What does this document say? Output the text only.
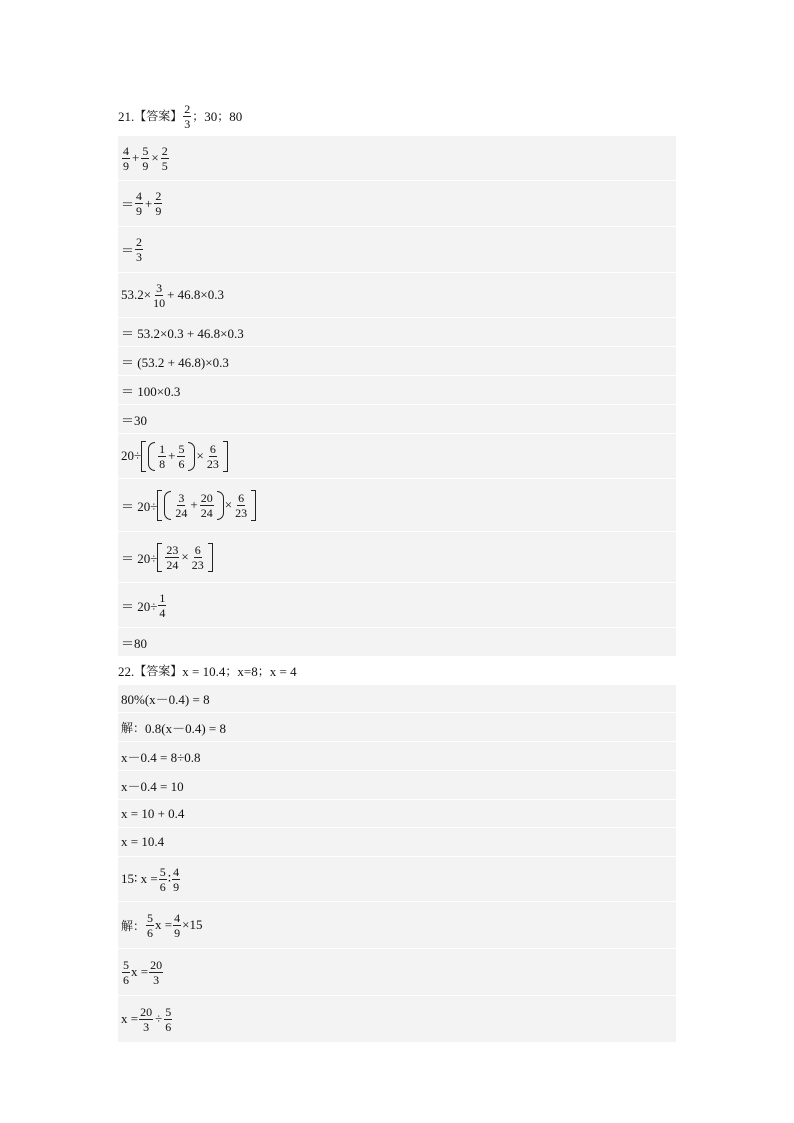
21. 【答案】 $\frac{2}{3}$ ； 30 ； 80
$\frac{4}{9} + \frac{5}{9} \times \frac{2}{5}$
＝ $\frac{4}{9} + \frac{2}{9}$
＝ $\frac{2}{3}$
$53.2\times \frac{3}{10} + 46.8\times 0.3$
＝ 53.2×0.3 + 46.8×0.3
＝ (53.2 + 46.8)×0.3
＝ 100×0.3
＝30
$20\div \frac{1}{8} + \frac{5}{6} \times \frac{6}{23}$
＝ $20\div \frac{3}{24} + \frac{20}{24} \times \frac{6}{23}$
＝ $20\div \frac{23}{24} \times \frac{6}{23}$
＝ $20\div \frac{1}{4}$
＝80
22. 【答案】 x = 10.4 ； x=8 ； x = 4
80%(x－0.4) = 8
解： 0.8(x－0.4) = 8
x－0.4 = 8÷0.8
x－0.4 = 10
x = 10 + 0.4
x = 10.4
15∶ $x = \frac{5}{6}$ ∶ $\frac{4}{9}$
解： $\frac{5}{6}$ $x = \frac{4}{9} \times 15$
$\frac{5}{6}$ $x = \frac{20}{3}$
$x = \frac{20}{3} \div \frac{5}{6}$
